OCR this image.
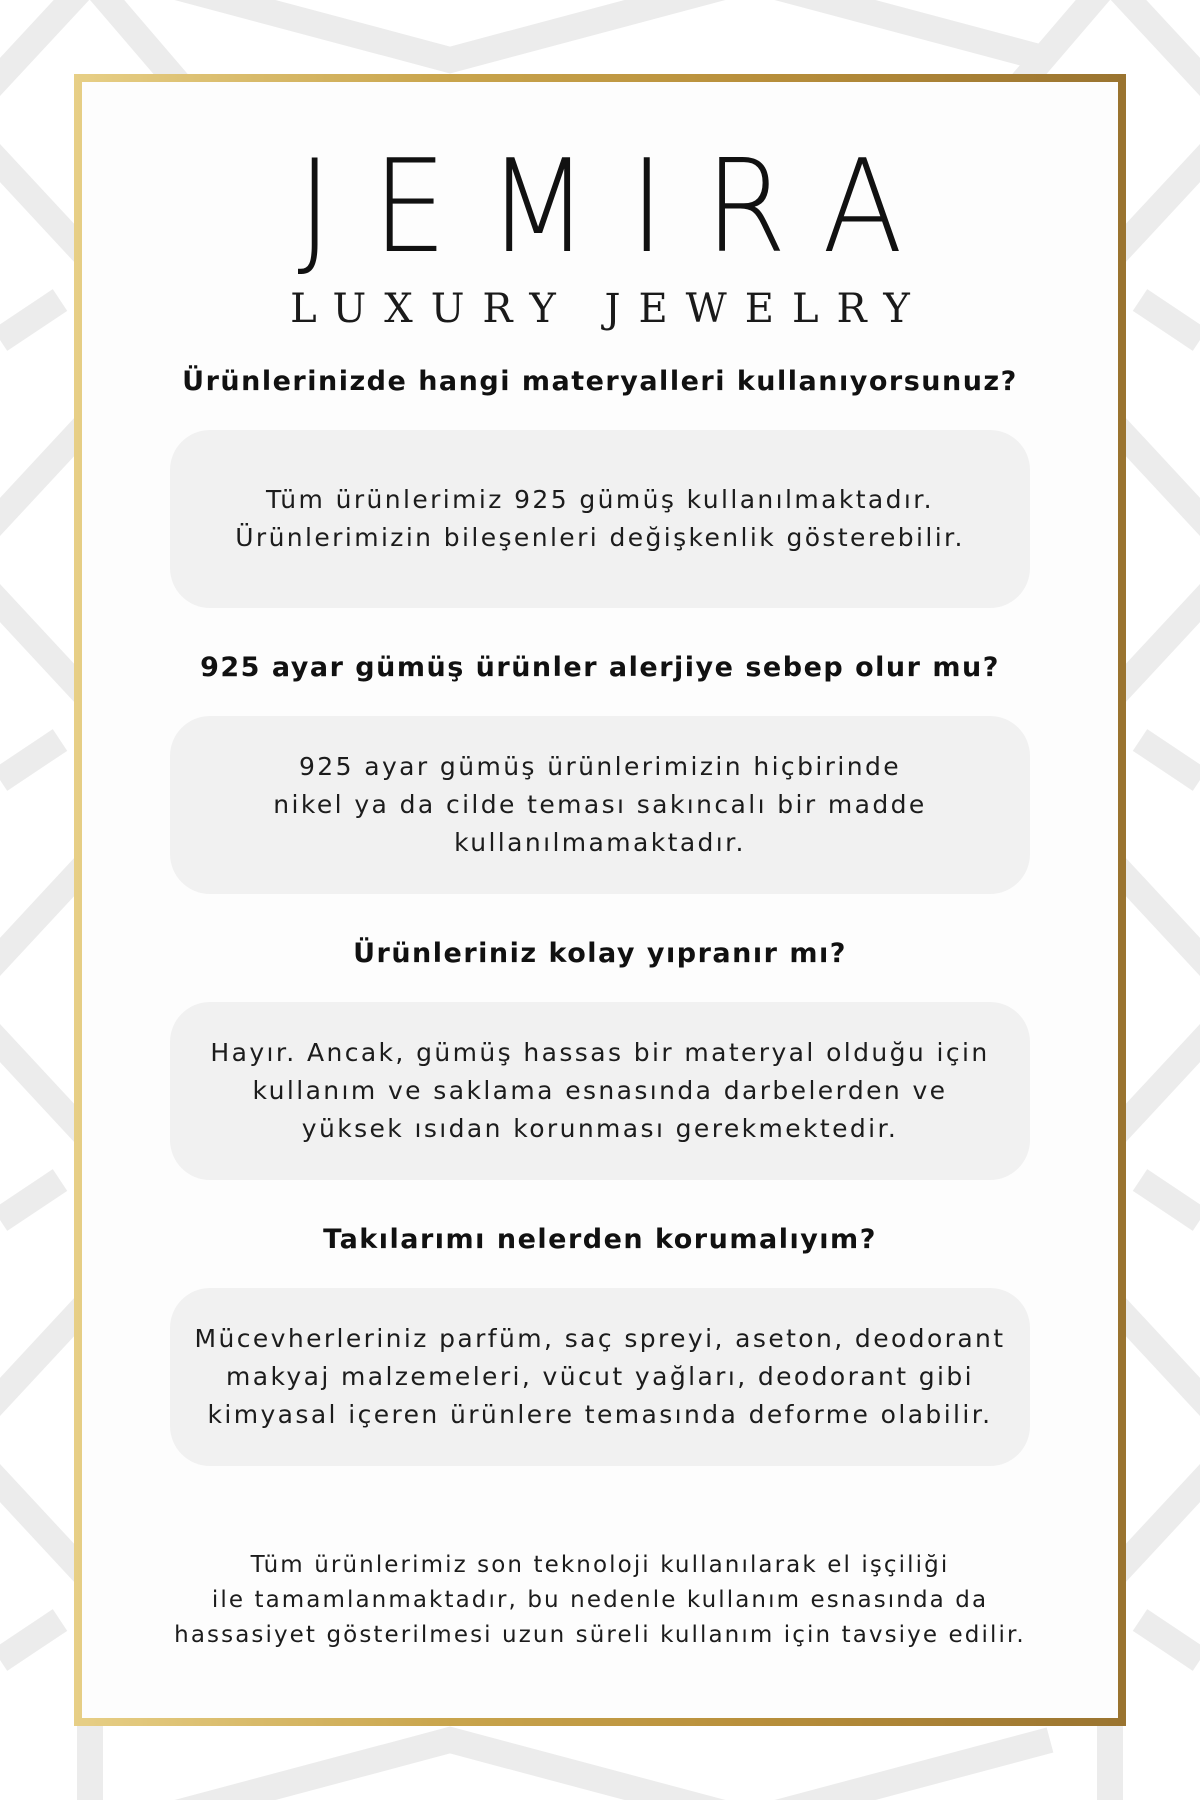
JEMIRA
LUXURY JEWELRY
Ürünlerinizde hangi materyalleri kullanıyorsunuz?
Tüm ürünlerimiz 925 gümüş kullanılmaktadır.
Ürünlerimizin bileşenleri değişkenlik gösterebilir.
925 ayar gümüş ürünler alerjiye sebep olur mu?
925 ayar gümüş ürünlerimizin hiçbirinde
nikel ya da cilde teması sakıncalı bir madde
kullanılmamaktadır.
Ürünleriniz kolay yıpranır mı?
Hayır. Ancak, gümüş hassas bir materyal olduğu için
kullanım ve saklama esnasında darbelerden ve
yüksek ısıdan korunması gerekmektedir.
Takılarımı nelerden korumalıyım?
Mücevherleriniz parfüm, saç spreyi, aseton, deodorant
makyaj malzemeleri, vücut yağları, deodorant gibi
kimyasal içeren ürünlere temasında deforme olabilir.
Tüm ürünlerimiz son teknoloji kullanılarak el işçiliği
ile tamamlanmaktadır, bu nedenle kullanım esnasında da
hassasiyet gösterilmesi uzun süreli kullanım için tavsiye edilir.
